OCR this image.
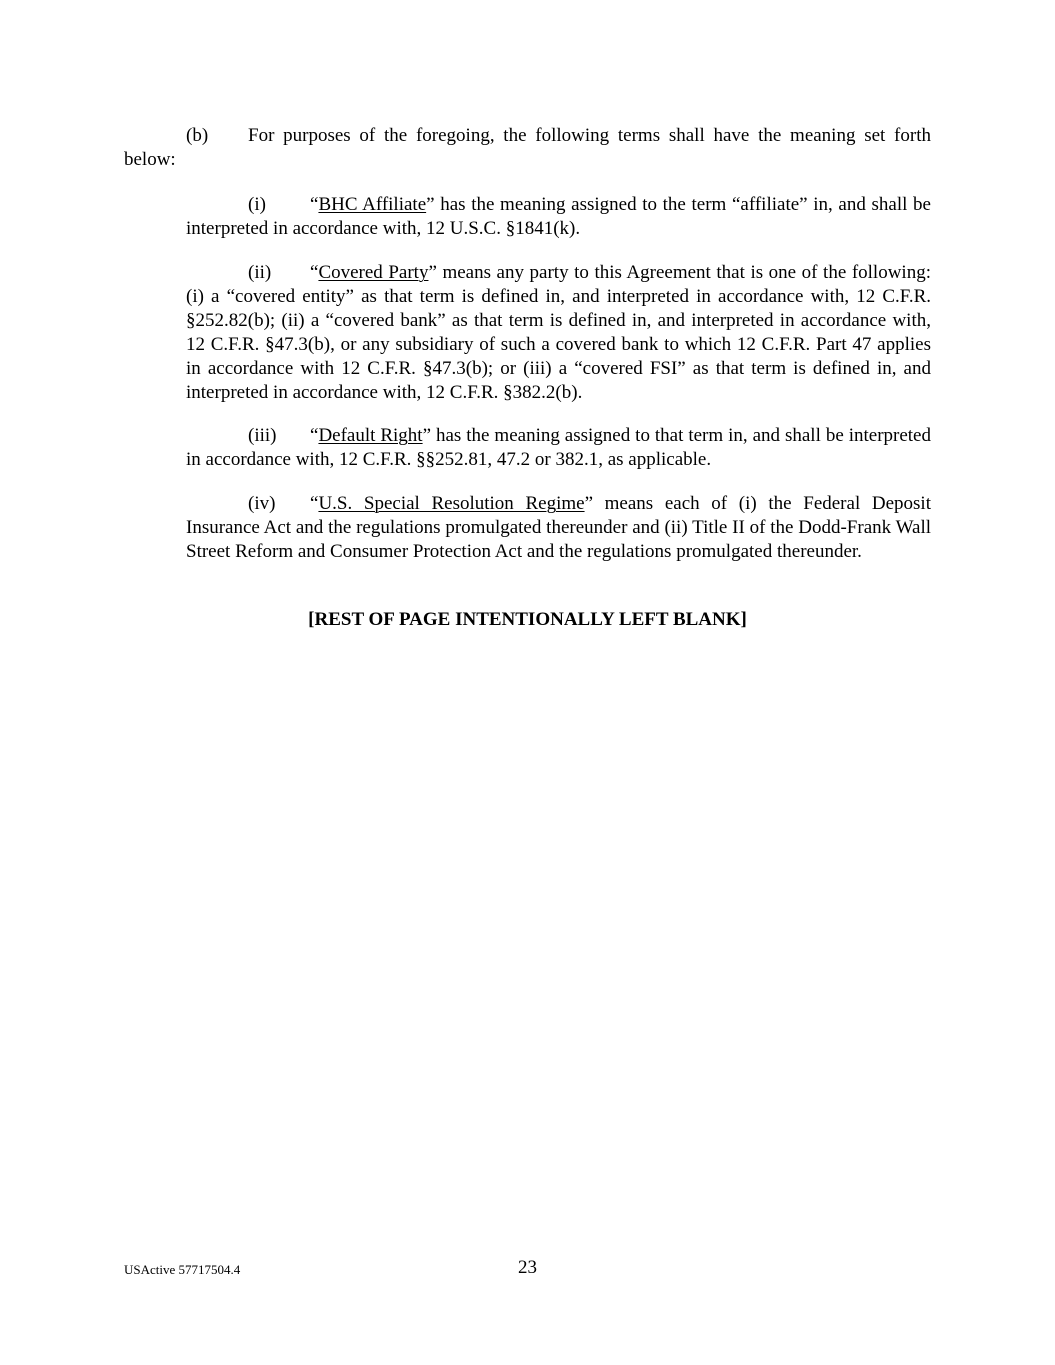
(b) For purposes of the foregoing, the following terms shall have the meaning set forth below:

(i) “BHC Affiliate” has the meaning assigned to the term “affiliate” in, and shall be interpreted in accordance with, 12 U.S.C. §1841(k).

(ii) “Covered Party” means any party to this Agreement that is one of the following: (i) a “covered entity” as that term is defined in, and interpreted in accordance with, 12 C.F.R. §252.82(b); (ii) a “covered bank” as that term is defined in, and interpreted in accordance with, 12 C.F.R. §47.3(b), or any subsidiary of such a covered bank to which 12 C.F.R. Part 47 applies in accordance with 12 C.F.R. §47.3(b); or (iii) a “covered FSI” as that term is defined in, and interpreted in accordance with, 12 C.F.R. §382.2(b).

(iii) “Default Right” has the meaning assigned to that term in, and shall be interpreted in accordance with, 12 C.F.R. §§252.81, 47.2 or 382.1, as applicable.

(iv) “U.S. Special Resolution Regime” means each of (i) the Federal Deposit Insurance Act and the regulations promulgated thereunder and (ii) Title II of the Dodd-Frank Wall Street Reform and Consumer Protection Act and the regulations promulgated thereunder.

[REST OF PAGE INTENTIONALLY LEFT BLANK]
USActive 57717504.4	23
